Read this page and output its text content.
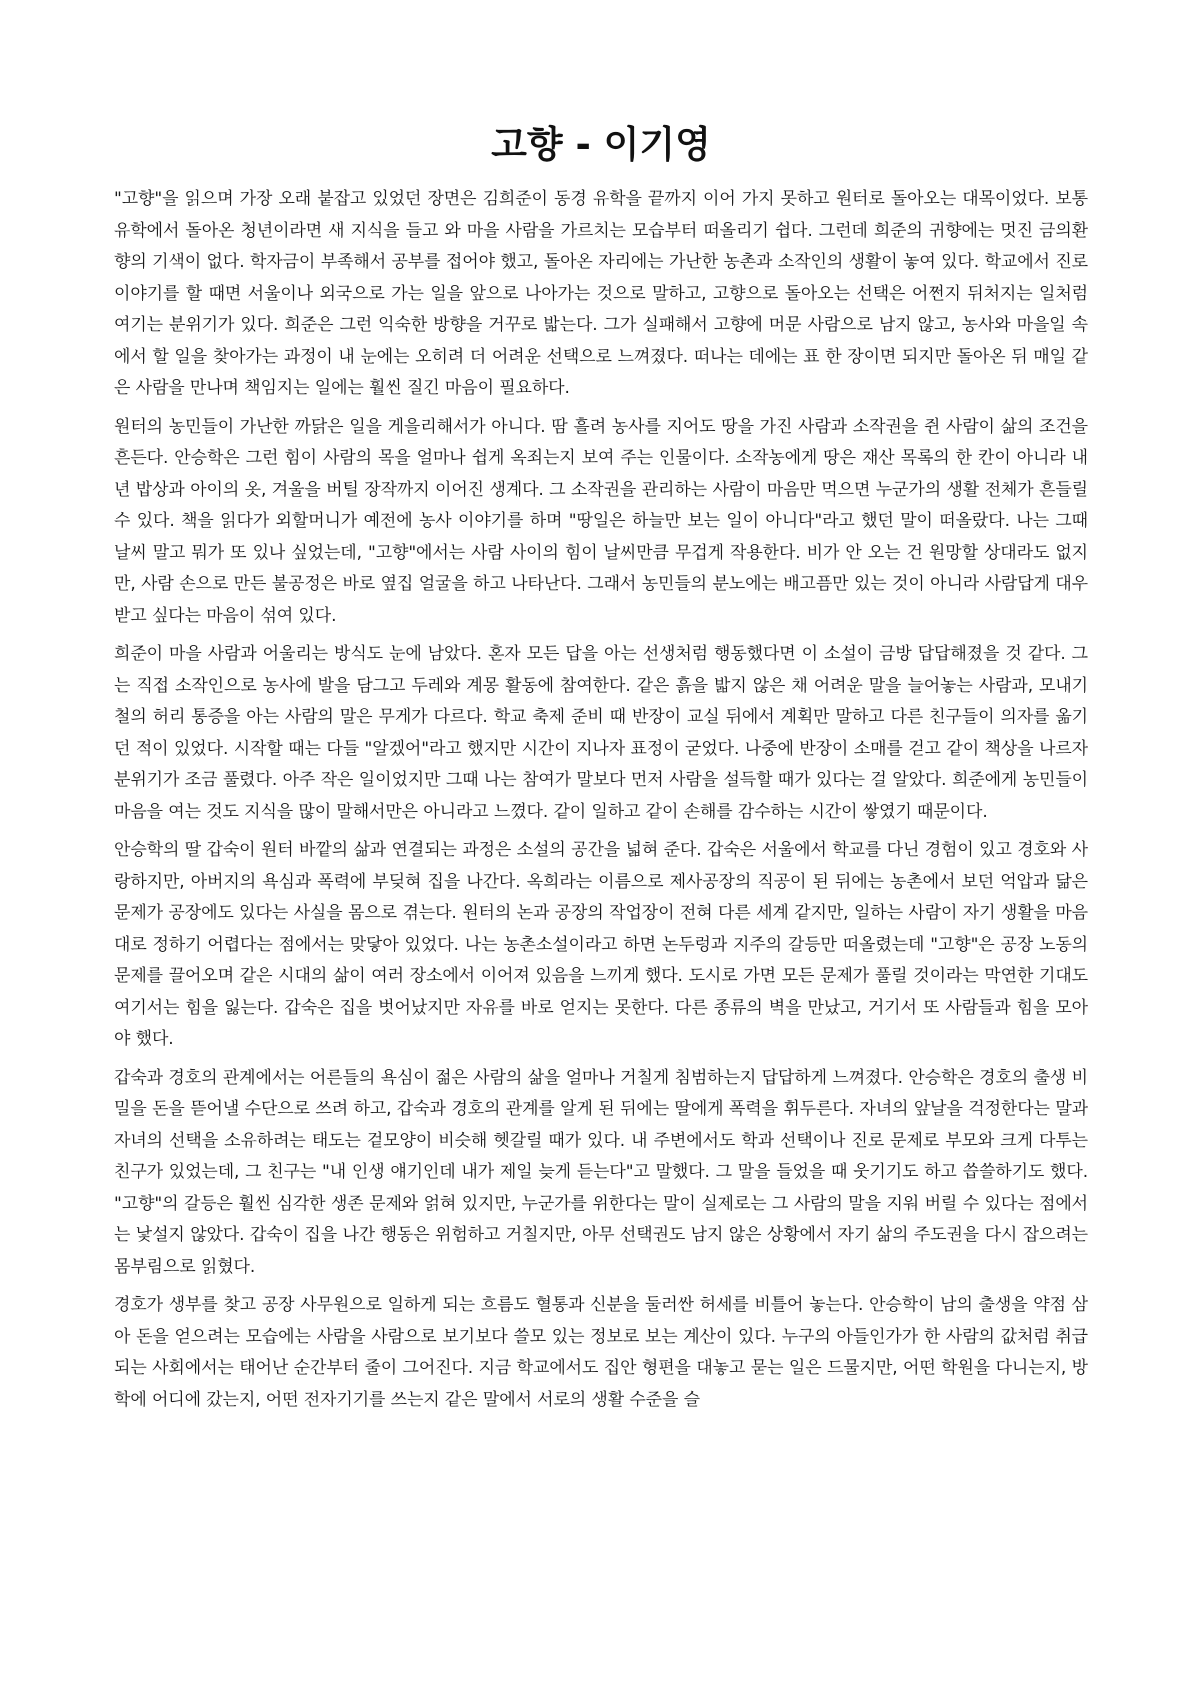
고향 - 이기영

"고향"을 읽으며 가장 오래 붙잡고 있었던 장면은 김희준이 동경 유학을 끝까지 이어 가지 못하고 원터로 돌아오는 대목이었다. 보통 유학에서 돌아온 청년이라면 새 지식을 들고 와 마을 사람을 가르치는 모습부터 떠올리기 쉽다. 그런데 희준의 귀향에는 멋진 금의환향의 기색이 없다. 학자금이 부족해서 공부를 접어야 했고, 돌아온 자리에는 가난한 농촌과 소작인의 생활이 놓여 있다. 학교에서 진로 이야기를 할 때면 서울이나 외국으로 가는 일을 앞으로 나아가는 것으로 말하고, 고향으로 돌아오는 선택은 어쩐지 뒤처지는 일처럼 여기는 분위기가 있다. 희준은 그런 익숙한 방향을 거꾸로 밟는다. 그가 실패해서 고향에 머문 사람으로 남지 않고, 농사와 마을일 속에서 할 일을 찾아가는 과정이 내 눈에는 오히려 더 어려운 선택으로 느껴졌다. 떠나는 데에는 표 한 장이면 되지만 돌아온 뒤 매일 같은 사람을 만나며 책임지는 일에는 훨씬 질긴 마음이 필요하다.

원터의 농민들이 가난한 까닭은 일을 게을리해서가 아니다. 땀 흘려 농사를 지어도 땅을 가진 사람과 소작권을 쥔 사람이 삶의 조건을 흔든다. 안승학은 그런 힘이 사람의 목을 얼마나 쉽게 옥죄는지 보여 주는 인물이다. 소작농에게 땅은 재산 목록의 한 칸이 아니라 내년 밥상과 아이의 옷, 겨울을 버틸 장작까지 이어진 생계다. 그 소작권을 관리하는 사람이 마음만 먹으면 누군가의 생활 전체가 흔들릴 수 있다. 책을 읽다가 외할머니가 예전에 농사 이야기를 하며 "땅일은 하늘만 보는 일이 아니다"라고 했던 말이 떠올랐다. 나는 그때 날씨 말고 뭐가 또 있나 싶었는데, "고향"에서는 사람 사이의 힘이 날씨만큼 무겁게 작용한다. 비가 안 오는 건 원망할 상대라도 없지만, 사람 손으로 만든 불공정은 바로 옆집 얼굴을 하고 나타난다. 그래서 농민들의 분노에는 배고픔만 있는 것이 아니라 사람답게 대우받고 싶다는 마음이 섞여 있다.

희준이 마을 사람과 어울리는 방식도 눈에 남았다. 혼자 모든 답을 아는 선생처럼 행동했다면 이 소설이 금방 답답해졌을 것 같다. 그는 직접 소작인으로 농사에 발을 담그고 두레와 계몽 활동에 참여한다. 같은 흙을 밟지 않은 채 어려운 말을 늘어놓는 사람과, 모내기철의 허리 통증을 아는 사람의 말은 무게가 다르다. 학교 축제 준비 때 반장이 교실 뒤에서 계획만 말하고 다른 친구들이 의자를 옮기던 적이 있었다. 시작할 때는 다들 "알겠어"라고 했지만 시간이 지나자 표정이 굳었다. 나중에 반장이 소매를 걷고 같이 책상을 나르자 분위기가 조금 풀렸다. 아주 작은 일이었지만 그때 나는 참여가 말보다 먼저 사람을 설득할 때가 있다는 걸 알았다. 희준에게 농민들이 마음을 여는 것도 지식을 많이 말해서만은 아니라고 느꼈다. 같이 일하고 같이 손해를 감수하는 시간이 쌓였기 때문이다.

안승학의 딸 갑숙이 원터 바깥의 삶과 연결되는 과정은 소설의 공간을 넓혀 준다. 갑숙은 서울에서 학교를 다닌 경험이 있고 경호와 사랑하지만, 아버지의 욕심과 폭력에 부딪혀 집을 나간다. 옥희라는 이름으로 제사공장의 직공이 된 뒤에는 농촌에서 보던 억압과 닮은 문제가 공장에도 있다는 사실을 몸으로 겪는다. 원터의 논과 공장의 작업장이 전혀 다른 세계 같지만, 일하는 사람이 자기 생활을 마음대로 정하기 어렵다는 점에서는 맞닿아 있었다. 나는 농촌소설이라고 하면 논두렁과 지주의 갈등만 떠올렸는데 "고향"은 공장 노동의 문제를 끌어오며 같은 시대의 삶이 여러 장소에서 이어져 있음을 느끼게 했다. 도시로 가면 모든 문제가 풀릴 것이라는 막연한 기대도 여기서는 힘을 잃는다. 갑숙은 집을 벗어났지만 자유를 바로 얻지는 못한다. 다른 종류의 벽을 만났고, 거기서 또 사람들과 힘을 모아야 했다.

갑숙과 경호의 관계에서는 어른들의 욕심이 젊은 사람의 삶을 얼마나 거칠게 침범하는지 답답하게 느껴졌다. 안승학은 경호의 출생 비밀을 돈을 뜯어낼 수단으로 쓰려 하고, 갑숙과 경호의 관계를 알게 된 뒤에는 딸에게 폭력을 휘두른다. 자녀의 앞날을 걱정한다는 말과 자녀의 선택을 소유하려는 태도는 겉모양이 비슷해 헷갈릴 때가 있다. 내 주변에서도 학과 선택이나 진로 문제로 부모와 크게 다투는 친구가 있었는데, 그 친구는 "내 인생 얘기인데 내가 제일 늦게 듣는다"고 말했다. 그 말을 들었을 때 웃기기도 하고 씁쓸하기도 했다. "고향"의 갈등은 훨씬 심각한 생존 문제와 얽혀 있지만, 누군가를 위한다는 말이 실제로는 그 사람의 말을 지워 버릴 수 있다는 점에서는 낯설지 않았다. 갑숙이 집을 나간 행동은 위험하고 거칠지만, 아무 선택권도 남지 않은 상황에서 자기 삶의 주도권을 다시 잡으려는 몸부림으로 읽혔다.

경호가 생부를 찾고 공장 사무원으로 일하게 되는 흐름도 혈통과 신분을 둘러싼 허세를 비틀어 놓는다. 안승학이 남의 출생을 약점 삼아 돈을 얻으려는 모습에는 사람을 사람으로 보기보다 쓸모 있는 정보로 보는 계산이 있다. 누구의 아들인가가 한 사람의 값처럼 취급되는 사회에서는 태어난 순간부터 줄이 그어진다. 지금 학교에서도 집안 형편을 대놓고 묻는 일은 드물지만, 어떤 학원을 다니는지, 방학에 어디에 갔는지, 어떤 전자기기를 쓰는지 같은 말에서 서로의 생활 수준을 슬
